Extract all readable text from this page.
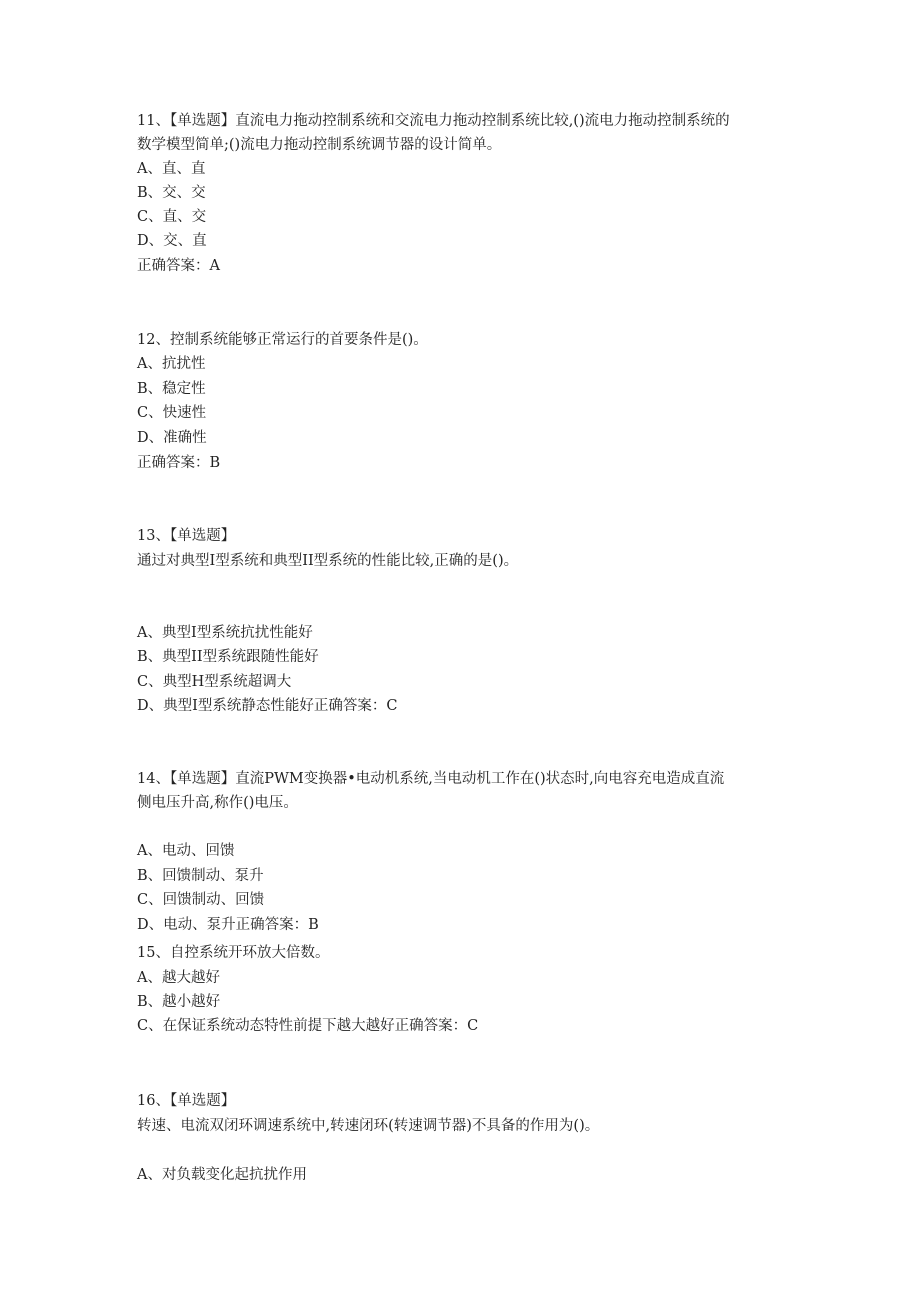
11、【单选题】直流电力拖动控制系统和交流电力拖动控制系统比较,()流电力拖动控制系统的
数学模型简单;()流电力拖动控制系统调节器的设计简单。
A、直、直
B、交、交
C、直、交
D、交、直
正确答案：A
12、控制系统能够正常运行的首要条件是()。
A、抗扰性
B、稳定性
C、快速性
D、准确性
正确答案：B
13、【单选题】
通过对典型I型系统和典型II型系统的性能比较,正确的是()。
A、典型I型系统抗扰性能好
B、典型II型系统跟随性能好
C、典型H型系统超调大
D、典型I型系统静态性能好正确答案：C
14、【单选题】直流PWM变换器•电动机系统,当电动机工作在()状态时,向电容充电造成直流
侧电压升高,称作()电压。
A、电动、回馈
B、回馈制动、泵升
C、回馈制动、回馈
D、电动、泵升正确答案：B
15、自控系统开环放大倍数。
A、越大越好
B、越小越好
C、在保证系统动态特性前提下越大越好正确答案：C
16、【单选题】
转速、电流双闭环调速系统中,转速闭环(转速调节器)不具备的作用为()。
A、对负载变化起抗扰作用
